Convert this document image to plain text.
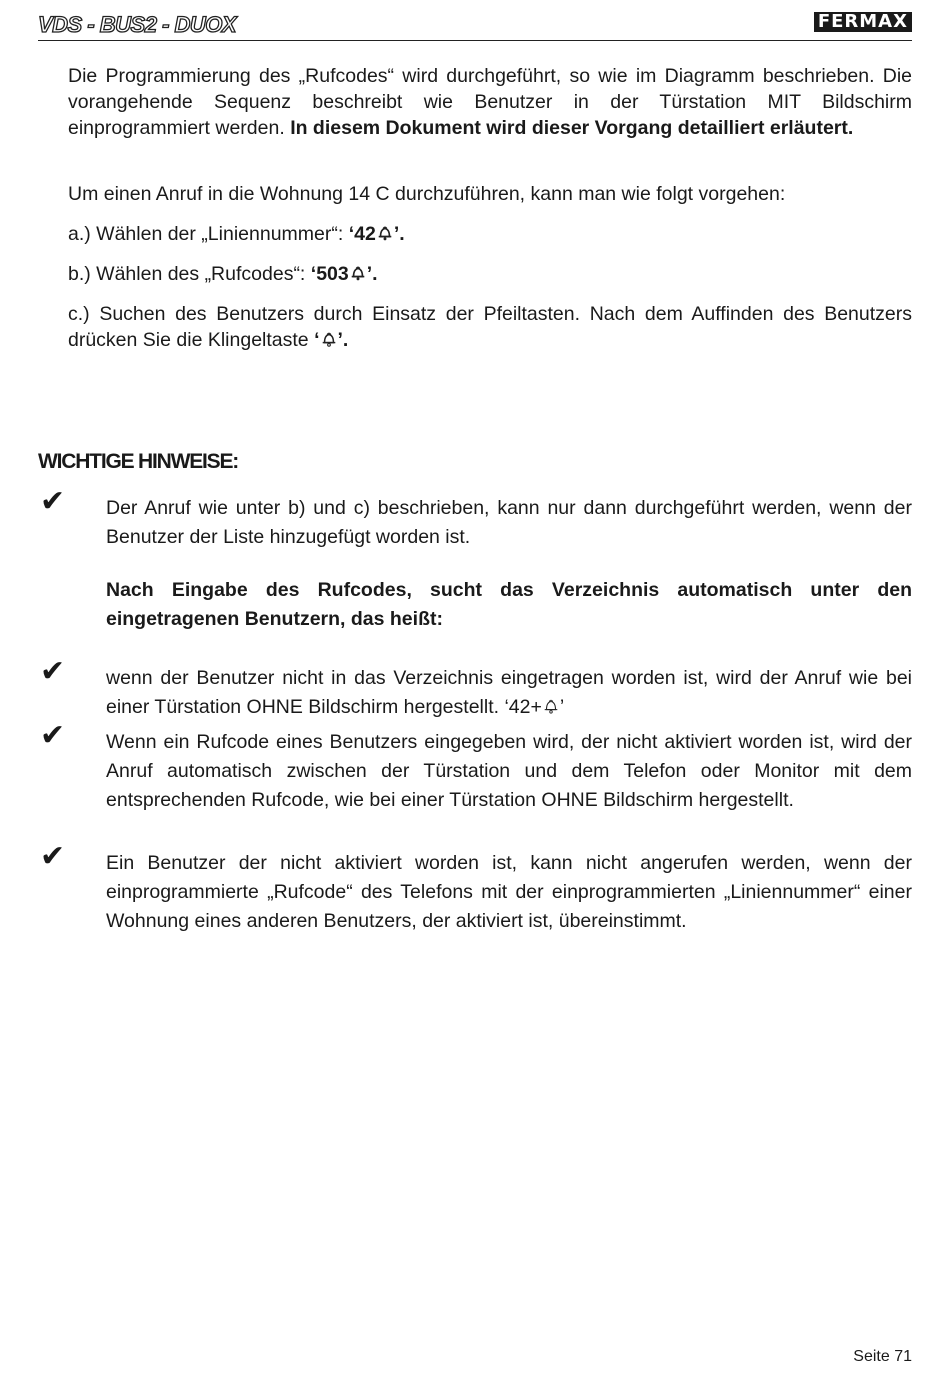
VDS - BUS2 - DUOX	FERMAX
Die Programmierung des „Rufcodes“ wird durchgeführt, so wie im Diagramm beschrieben. Die vorangehende Sequenz beschreibt wie Benutzer in der Türstation MIT Bildschirm einprogrammiert werden. In diesem Dokument wird dieser Vorgang detailliert erläutert.
Um einen Anruf in die Wohnung 14 C durchzuführen, kann man wie folgt vorgehen:
a.) Wählen der „Liniennummer“: ‘42 ’.
b.) Wählen des „Rufcodes“: ‘503 ’.
c.) Suchen des Benutzers durch Einsatz der Pfeiltasten. Nach dem Auffinden des Benutzers drücken Sie die Klingeltaste ‘ ’.
WICHTIGE HINWEISE:
✔ Der Anruf wie unter b) und c) beschrieben, kann nur dann durchgeführt werden, wenn der Benutzer der Liste hinzugefügt worden ist.
Nach Eingabe des Rufcodes, sucht das Verzeichnis automatisch unter den eingetragenen Benutzern, das heißt:
✔ wenn der Benutzer nicht in das Verzeichnis eingetragen worden ist, wird der Anruf wie bei einer Türstation OHNE Bildschirm hergestellt. ‘42+ ’
✔ Wenn ein Rufcode eines Benutzers eingegeben wird, der nicht aktiviert worden ist, wird der Anruf automatisch zwischen der Türstation und dem Telefon oder Monitor mit dem entsprechenden Rufcode, wie bei einer Türstation OHNE Bildschirm hergestellt.
✔ Ein Benutzer der nicht aktiviert worden ist, kann nicht angerufen werden, wenn der einprogrammierte „Rufcode“ des Telefons mit der einprogrammierten „Liniennummer“ einer Wohnung eines anderen Benutzers, der aktiviert ist, übereinstimmt.
Seite 71
